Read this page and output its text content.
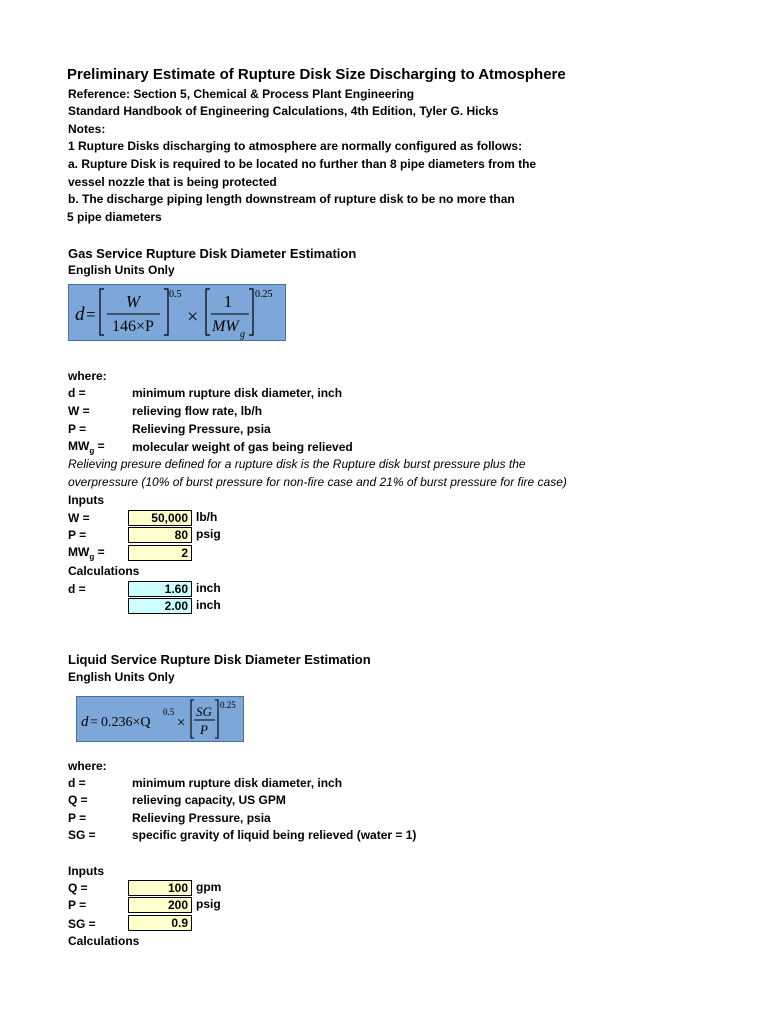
Preliminary Estimate of Rupture Disk Size Discharging to Atmosphere
Reference: Section 5, Chemical & Process Plant Engineering
Standard Handbook of Engineering Calculations, 4th Edition, Tyler G. Hicks
Notes:
1 Rupture Disks discharging to atmosphere are normally configured as follows:
a. Rupture Disk is required to be located no further than 8 pipe diameters from the
vessel nozzle that is being protected
b. The discharge piping length downstream of rupture disk to be no more than
5 pipe diameters
Gas Service Rupture Disk Diameter Estimation
English Units Only
d =
W
146×P
0.5
×
1
MW g
0.25
where:
d =	minimum rupture disk diameter, inch
W =	relieving flow rate, lb/h
P =	Relieving Pressure, psia
$MW_g$ = molecular weight of gas being relieved
Relieving presure defined for a rupture disk is the Rupture disk burst pressure plus the
overpressure (10% of burst pressure for non-fire case and 21% of burst pressure for fire case)
Inputs
W =	50,000 lb/h
P =	80 psig
$MW_g$ =	2
Calculations
d =	1.60 inch
2.00 inch
Liquid Service Rupture Disk Diameter Estimation
English Units Only
d = 0.236×Q
0.5
×
SG
P
0.25
where:
d =	minimum rupture disk diameter, inch
Q =	relieving capacity, US GPM
P =	Relieving Pressure, psia
SG =	specific gravity of liquid being relieved (water = 1)
Inputs
Q =	100 gpm
P =	200 psig
SG =	0.9
Calculations
